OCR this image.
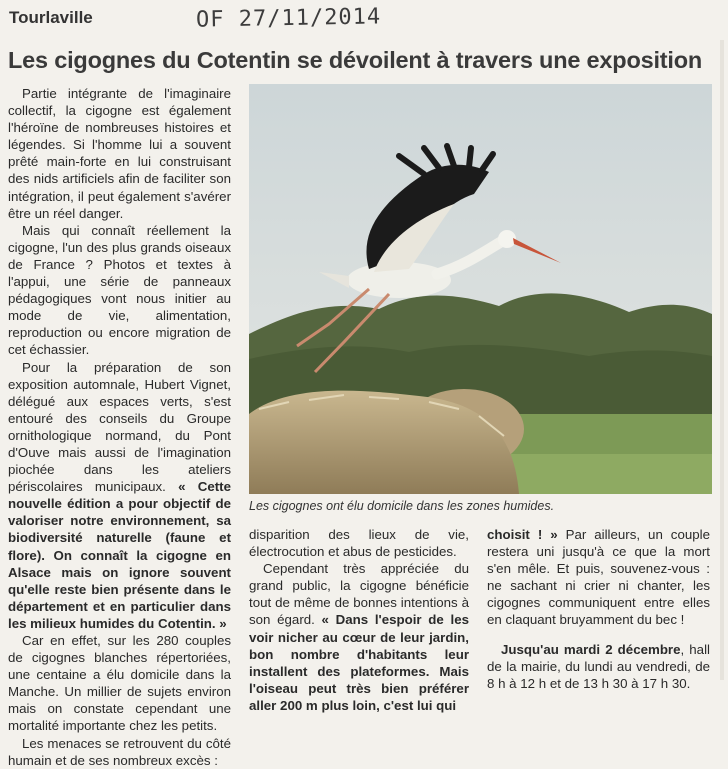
Tourlaville	OF 27/11/2014
Les cigognes du Cotentin se dévoilent à travers une exposition

Partie intégrante de l'imaginaire collectif, la cigogne est également l'héroïne de nombreuses histoires et légendes. Si l'homme lui a souvent prêté main-forte en lui construisant des nids artificiels afin de faciliter son intégration, il peut également s'avérer être un réel danger.

Mais qui connaît réellement la cigogne, l'un des plus grands oiseaux de France ? Photos et textes à l'appui, une série de panneaux pédagogiques vont nous initier au mode de vie, alimentation, reproduction ou encore migration de cet échassier.

Pour la préparation de son exposition automnale, Hubert Vignet, délégué aux espaces verts, s'est entouré des conseils du Groupe ornithologique normand, du Pont d'Ouve mais aussi de l'imagination piochée dans les ateliers périscolaires municipaux. « Cette nouvelle édition a pour objectif de valoriser notre environnement, sa biodiversité naturelle (faune et flore). On connaît la cigogne en Alsace mais on ignore souvent qu'elle reste bien présente dans le département et en particulier dans les milieux humides du Cotentin. »

Car en effet, sur les 280 couples de cigognes blanches répertoriées, une centaine a élu domicile dans la Manche. Un millier de sujets environ mais on constate cependant une mortalité importante chez les petits.

Les menaces se retrouvent du côté humain et de ses nombreux excès :

Les cigognes ont élu domicile dans les zones humides.

disparition des lieux de vie, électrocution et abus de pesticides.

Cependant très appréciée du grand public, la cigogne bénéficie tout de même de bonnes intentions à son égard. « Dans l'espoir de les voir nicher au cœur de leur jardin, bon nombre d'habitants leur installent des plateformes. Mais l'oiseau peut très bien préférer aller 200 m plus loin, c'est lui qui

choisit ! » Par ailleurs, un couple restera uni jusqu'à ce que la mort s'en mêle. Et puis, souvenez-vous : ne sachant ni crier ni chanter, les cigognes communiquent entre elles en claquant bruyamment du bec !

Jusqu'au mardi 2 décembre, hall de la mairie, du lundi au vendredi, de 8 h à 12 h et de 13 h 30 à 17 h 30.
